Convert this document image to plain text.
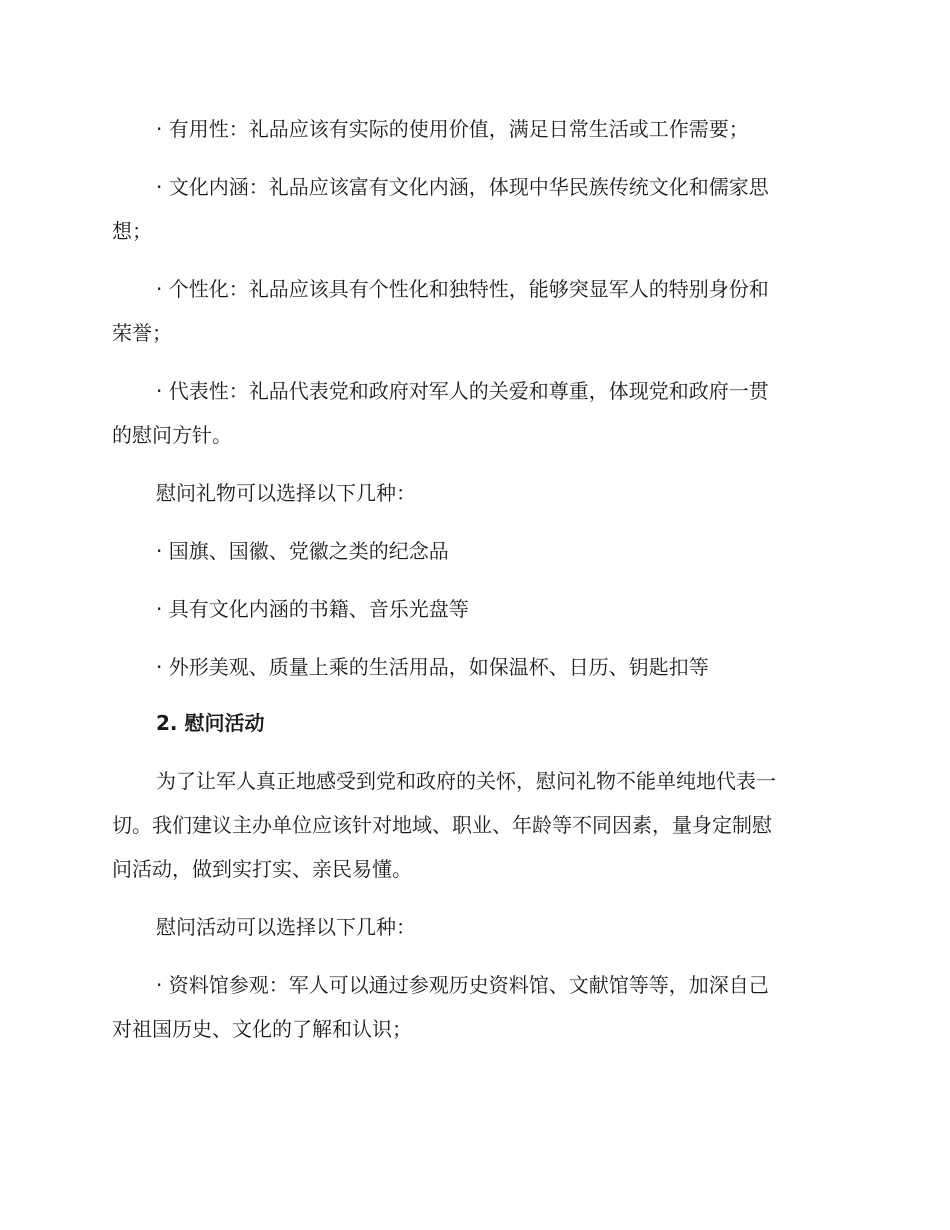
· 有用性：礼品应该有实际的使用价值，满足日常生活或工作需要；
· 文化内涵：礼品应该富有文化内涵，体现中华民族传统文化和儒家思
想；
· 个性化：礼品应该具有个性化和独特性，能够突显军人的特别身份和
荣誉；
· 代表性：礼品代表党和政府对军人的关爱和尊重，体现党和政府一贯
的慰问方针。
慰问礼物可以选择以下几种：
· 国旗、国徽、党徽之类的纪念品
· 具有文化内涵的书籍、音乐光盘等
· 外形美观、质量上乘的生活用品，如保温杯、日历、钥匙扣等
2. 慰问活动
为了让军人真正地感受到党和政府的关怀，慰问礼物不能单纯地代表一
切。我们建议主办单位应该针对地域、职业、年龄等不同因素，量身定制慰
问活动，做到实打实、亲民易懂。
慰问活动可以选择以下几种：
· 资料馆参观：军人可以通过参观历史资料馆、文献馆等等，加深自己
对祖国历史、文化的了解和认识；
